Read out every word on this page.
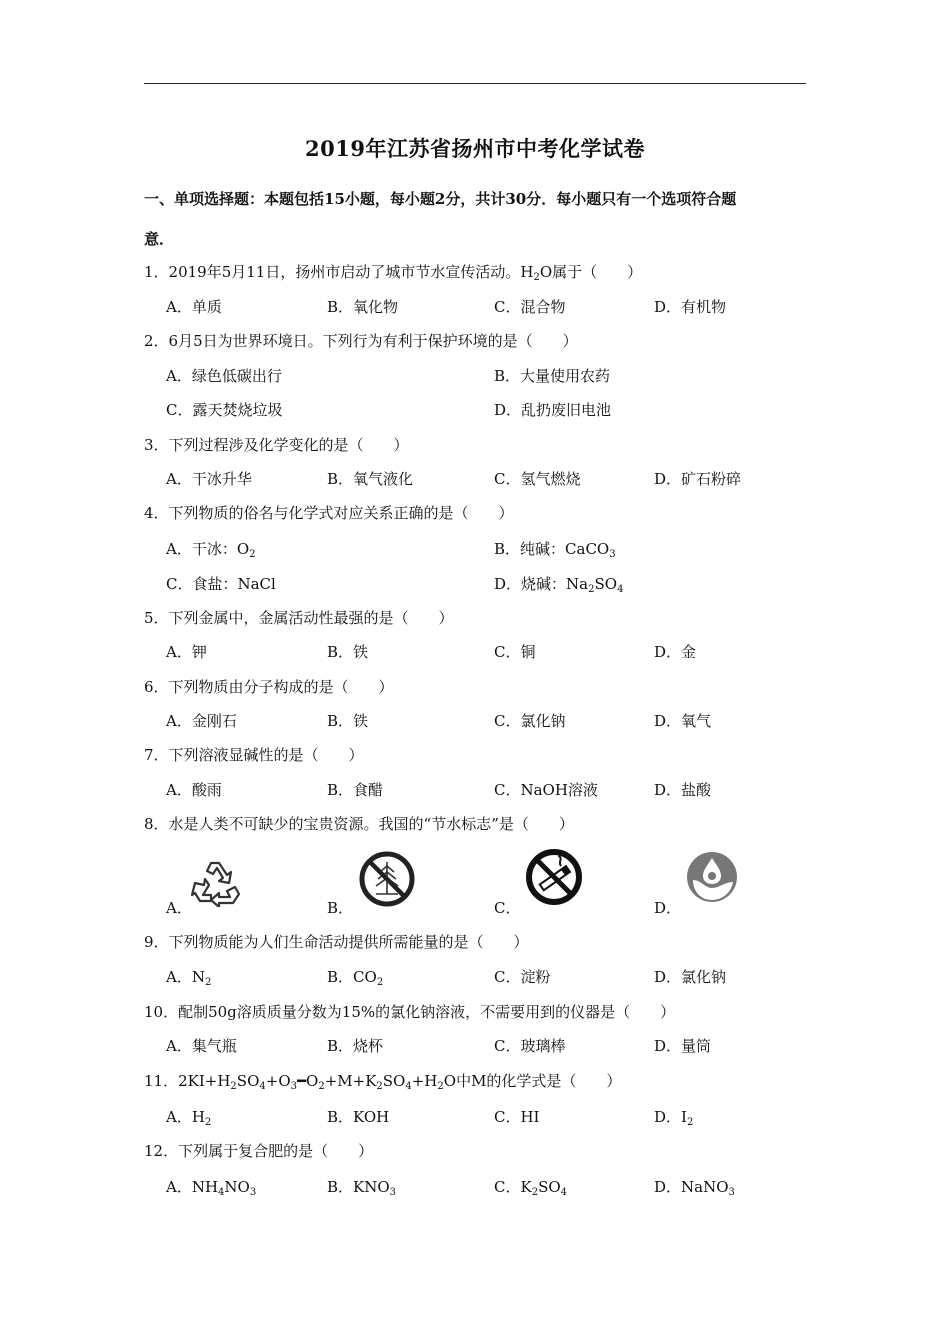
2019年江苏省扬州市中考化学试卷
一、单项选择题：本题包括15小题，每小题2分，共计30分．每小题只有一个选项符合题
意．
1．2019年5月11日，扬州市启动了城市节水宣传活动。$H_2O$属于（　　）
A．单质	B．氧化物	C．混合物	D．有机物
2．6月5日为世界环境日。下列行为有利于保护环境的是（　　）
A．绿色低碳出行	B．大量使用农药
C．露天焚烧垃圾	D．乱扔废旧电池
3．下列过程涉及化学变化的是（　　）
A．干冰升华	B．氧气液化	C．氢气燃烧	D．矿石粉碎
4．下列物质的俗名与化学式对应关系正确的是（　　）
A．干冰：$O_2$	B．纯碱：CaCO$_3$
C．食盐：NaCl	D．烧碱：$Na_2SO_4$
5．下列金属中，金属活动性最强的是（　　）
A．钾	B．铁	C．铜	D．金
6．下列物质由分子构成的是（　　）
A．金刚石	B．铁	C．氯化钠	D．氧气
7．下列溶液显碱性的是（　　）
A．酸雨	B．食醋	C．NaOH溶液	D．盐酸
8．水是人类不可缺少的宝贵资源。我国的“节水标志”是（　　）
A．	B．	C．	D．
9．下列物质能为人们生命活动提供所需能量的是（　　）
A．$N_2$	B．$CO_2$	C．淀粉	D．氯化钠
10．配制50g溶质质量分数为15%的氯化钠溶液，不需要用到的仪器是（　　）
A．集气瓶	B．烧杯	C．玻璃棒	D．量筒
11．$2KI+H_2SO_4+O_3━O_2+M+K_2SO_4+H_2O$中M的化学式是（　　）
A．$H_2$	B．KOH	C．HI	D．$I_2$
12．下列属于复合肥的是（　　）
A．$NH_4NO_3$	B．$KNO_3$	C．$K_2SO_4$	D．NaNO$_3$
